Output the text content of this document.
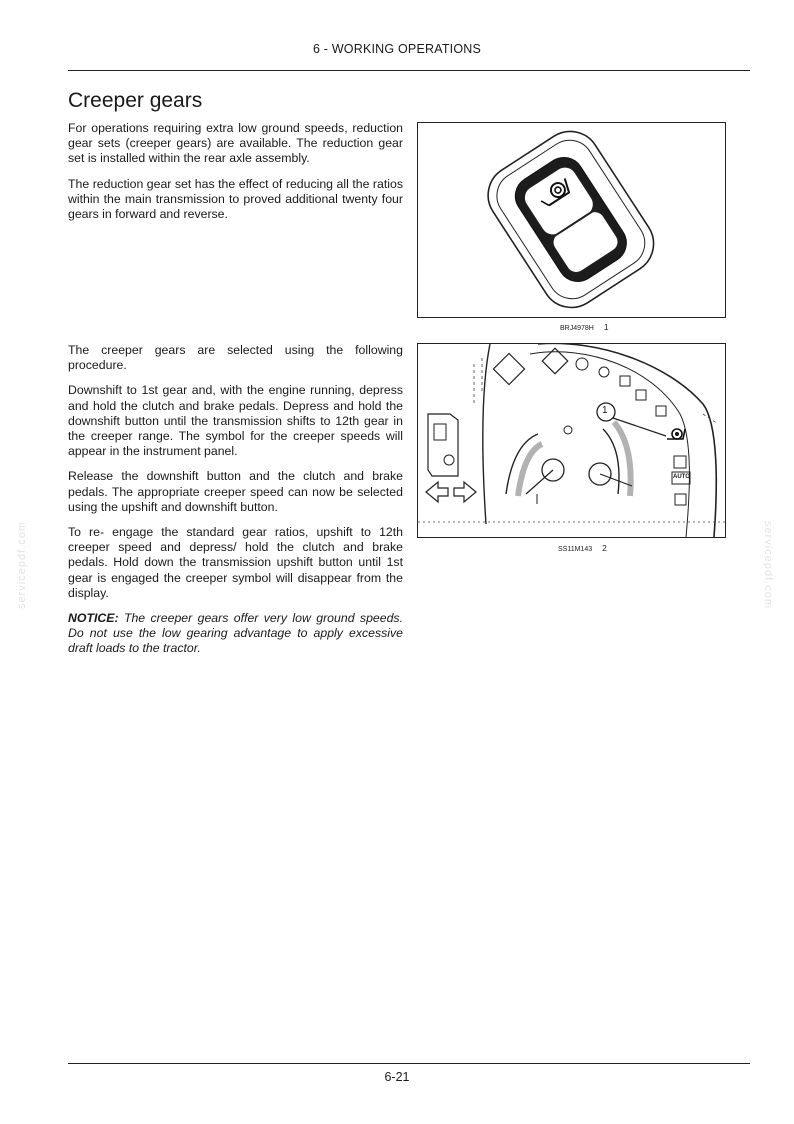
6 - WORKING OPERATIONS
Creeper gears

For operations requiring extra low ground speeds, reduction gear sets (creeper gears) are available. The reduction gear set is installed within the rear axle assembly.

The reduction gear set has the effect of reducing all the ratios within the main transmission to proved additional twenty four gears in forward and reverse.

BRJ4978H 1

The creeper gears are selected using the following procedure.

Downshift to 1st gear and, with the engine running, depress and hold the clutch and brake pedals. Depress and hold the downshift button until the transmission shifts to 12th gear in the creeper range. The symbol for the creeper speeds will appear in the instrument panel.

Release the downshift button and the clutch and brake pedals. The appropriate creeper speed can now be selected using the upshift and downshift button.

To re- engage the standard gear ratios, upshift to 12th creeper speed and depress/ hold the clutch and brake pedals. Hold down the transmission upshift button until 1st gear is engaged the creeper symbol will disappear from the display.

NOTICE: The creeper gears offer very low ground speeds. Do not use the low gearing advantage to apply excessive draft loads to the tractor.

1
AUTO
SS11M143 2
servicepdf.com	servicepdf.com
6-21
